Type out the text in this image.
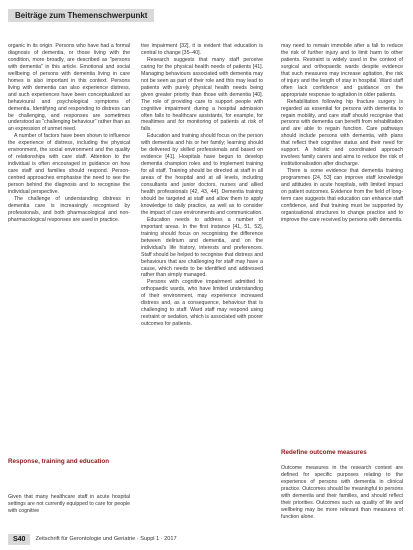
Beiträge zum Themenschwerpunkt

organic in its origin. Persons who have had a formal diagnosis of dementia, or those living with the condition, more broadly, are described as "persons with dementia" in this article. Emotional and social wellbeing of persons with dementia living in care homes is also important in this context. Persons living with dementia can also experience distress, and such experiences have been conceptualized as behavioural and psychological symptoms of dementia. Identifying and responding to distress can be challenging, and responses are sometimes understood as "challenging behaviour" rather than as an expression of unmet need.

A number of factors have been shown to influence the experience of distress, including the physical environment, the social environment and the quality of relationships with care staff. Attention to the individual is often encouraged in guidance on how care staff and families should respond. Person-centred approaches emphasise the need to see the person behind the diagnosis and to recognise the individual perspective.

The challenge of understanding distress in dementia care is increasingly recognised by professionals, and both pharmacological and non-pharmacological responses are used in practice.

Response, training and education

Given that many healthcare staff in acute hospital settings are not currently equipped to care for people with cognitive

tive impairment [32], it is evident that education is central to change [35–40].

Research suggests that many staff perceive caring for the physical health needs of patients [41]. Managing behaviours associated with dementia may not be seen as part of their role and this may lead to patients with purely physical health needs being given greater priority than those with dementia [40]. The role of providing care to support people with cognitive impairment during a hospital admission often falls to healthcare assistants, for example, for mealtimes and for monitoring of patients at risk of falls.

Education and training should focus on the person with dementia and his or her family; learning should be delivered by skilled professionals and based on evidence [41]. Hospitals have begun to develop dementia champion roles and to implement training for all staff. Training should be directed at staff in all areas of the hospital and at all levels, including consultants and junior doctors, nurses and allied health professionals [42, 43, 44]. Dementia training should be targeted at staff and allow them to apply knowledge to daily practice, as well as to consider the impact of care environments and communication.

Education needs to address a number of important areas. In the first instance [41, 51, 52], training should focus on recognising the difference between delirium and dementia, and on the individual's life history, interests and preferences. Staff should be helped to recognise that distress and behaviours that are challenging for staff may have a cause, which needs to be identified and addressed rather than simply managed.

Persons with cognitive impairment admitted to orthopaedic wards, who have limited understanding of their environment, may experience increased distress and, as a consequence, behaviour that is challenging to staff. Ward staff may respond using restraint or sedation, which is associated with poorer outcomes for patients.

may need to remain immobile after a fall to reduce the risk of further injury and to limit harm to other patients. Restraint is widely used in the context of surgical and orthopaedic wards despite evidence that such measures may increase agitation, the risk of injury and the length of stay in hospital. Ward staff often lack confidence and guidance on the appropriate response to agitation in older patients.

Rehabilitation following hip fracture surgery is regarded as essential for persons with dementia to regain mobility, and care staff should recognise that persons with dementia can benefit from rehabilitation and are able to regain function. Care pathways should include persons with dementia, with plans that reflect their cognitive status and their need for support. A holistic and coordinated approach involves family carers and aims to reduce the risk of institutionalisation after discharge.

There is some evidence that dementia training programmes [24, 53] can improve staff knowledge and attitudes in acute hospitals, with limited impact on patient outcomes. Evidence from the field of long-term care suggests that education can enhance staff confidence, and that training must be supported by organisational structures to change practice and to improve the care received by persons with dementia.

Redefine outcome measures

Outcome measures in the research context are defined for specific purposes relating to the experience of persons with dementia in clinical practice. Outcomes should be meaningful to persons with dementia and their families, and should reflect their priorities. Outcomes such as quality of life and wellbeing may be more relevant than measures of function alone.

S40 Zeitschrift für Gerontologie und Geriatrie · Suppl 1 · 2017
